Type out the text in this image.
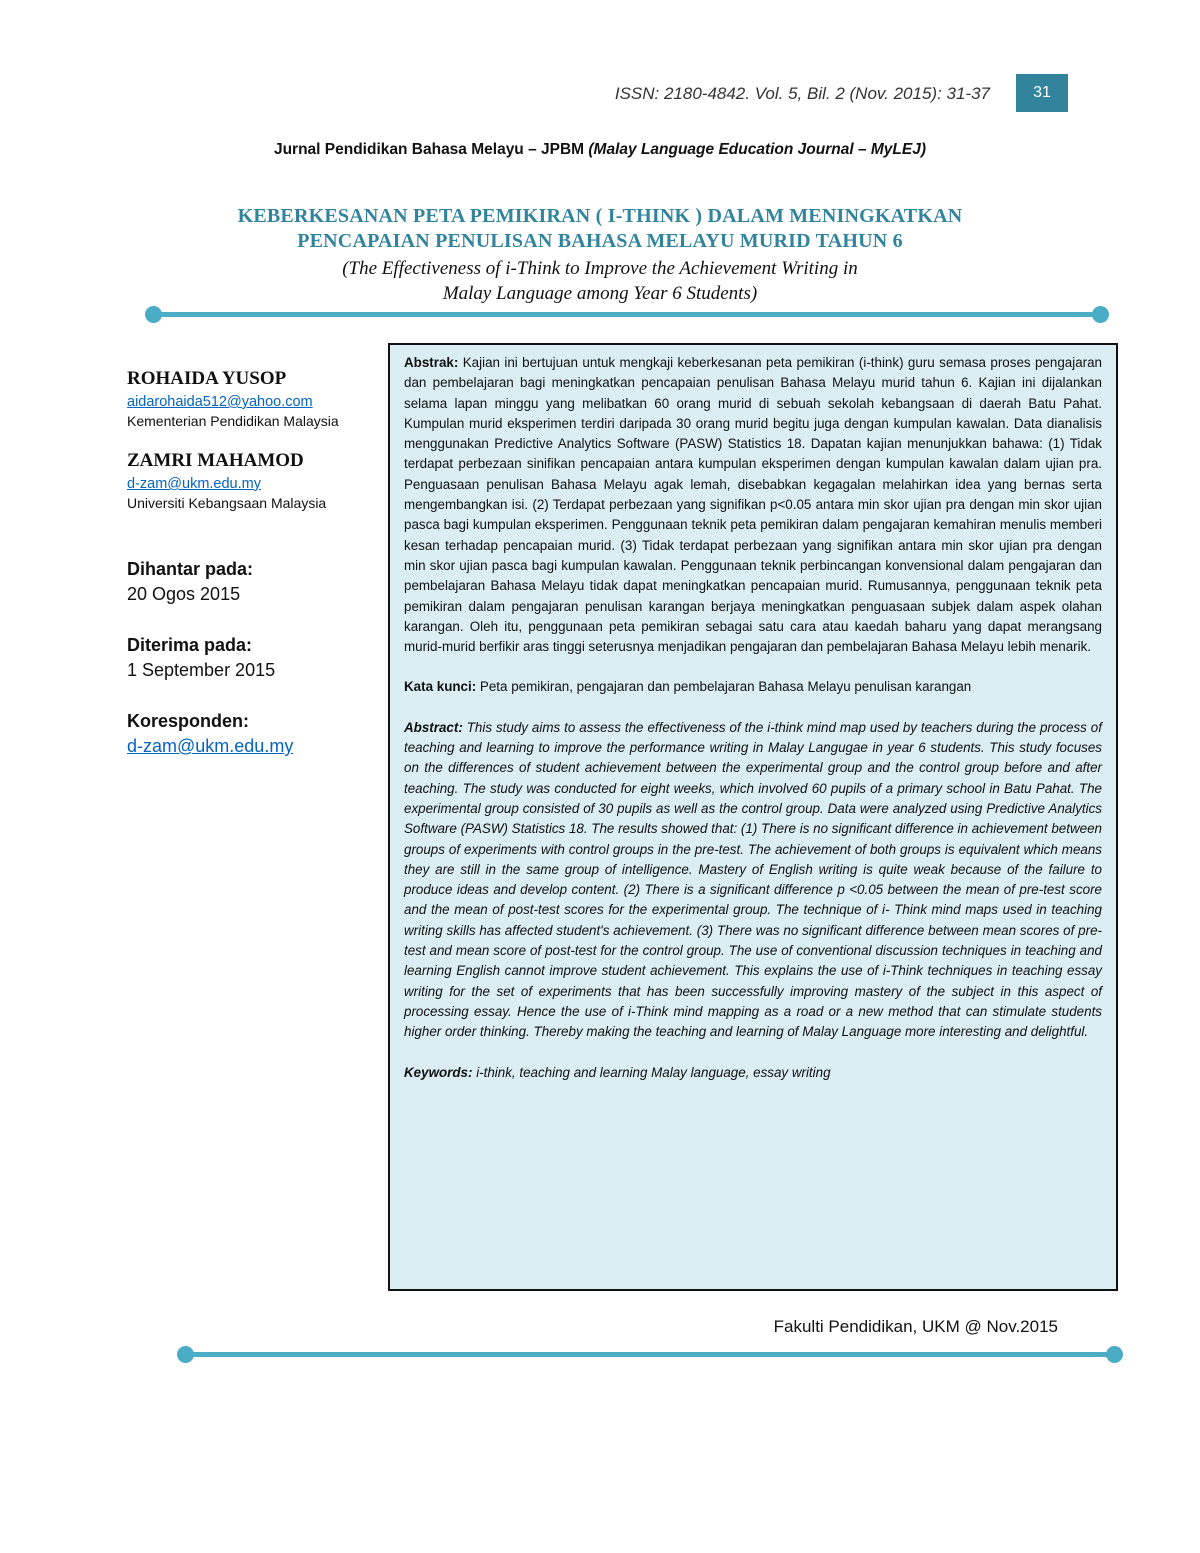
ISSN: 2180-4842. Vol. 5, Bil. 2 (Nov. 2015): 31-37	31
Jurnal Pendidikan Bahasa Melayu – JPBM (Malay Language Education Journal – MyLEJ)
KEBERKESANAN PETA PEMIKIRAN ( I-THINK ) DALAM MENINGKATKAN
PENCAPAIAN PENULISAN BAHASA MELAYU MURID TAHUN 6
(The Effectiveness of i-Think to Improve the Achievement Writing in
Malay Language among Year 6 Students)
ROHAIDA YUSOP
aidarohaida512@yahoo.com
Kementerian Pendidikan Malaysia
ZAMRI MAHAMOD
d-zam@ukm.edu.my
Universiti Kebangsaan Malaysia

Dihantar pada:

20 Ogos 2015

Diterima pada:

1 September 2015

Koresponden:

d-zam@ukm.edu.my

Abstrak: Kajian ini bertujuan untuk mengkaji keberkesanan peta pemikiran (i-think) guru semasa proses pengajaran dan pembelajaran bagi meningkatkan pencapaian penulisan Bahasa Melayu murid tahun 6. Kajian ini dijalankan selama lapan minggu yang melibatkan 60 orang murid di sebuah sekolah kebangsaan di daerah Batu Pahat. Kumpulan murid eksperimen terdiri daripada 30 orang murid begitu juga dengan kumpulan kawalan. Data dianalisis menggunakan Predictive Analytics Software (PASW) Statistics 18. Dapatan kajian menunjukkan bahawa: (1) Tidak terdapat perbezaan sinifikan pencapaian antara kumpulan eksperimen dengan kumpulan kawalan dalam ujian pra. Penguasaan penulisan Bahasa Melayu agak lemah, disebabkan kegagalan melahirkan idea yang bernas serta mengembangkan isi. (2) Terdapat perbezaan yang signifikan p<0.05 antara min skor ujian pra dengan min skor ujian pasca bagi kumpulan eksperimen. Penggunaan teknik peta pemikiran dalam pengajaran kemahiran menulis memberi kesan terhadap pencapaian murid. (3) Tidak terdapat perbezaan yang signifikan antara min skor ujian pra dengan min skor ujian pasca bagi kumpulan kawalan. Penggunaan teknik perbincangan konvensional dalam pengajaran dan pembelajaran Bahasa Melayu tidak dapat meningkatkan pencapaian murid. Rumusannya, penggunaan teknik peta pemikiran dalam pengajaran penulisan karangan berjaya meningkatkan penguasaan subjek dalam aspek olahan karangan. Oleh itu, penggunaan peta pemikiran sebagai satu cara atau kaedah baharu yang dapat merangsang murid-murid berfikir aras tinggi seterusnya menjadikan pengajaran dan pembelajaran Bahasa Melayu lebih menarik.

Kata kunci: Peta pemikiran, pengajaran dan pembelajaran Bahasa Melayu penulisan karangan

Abstract: This study aims to assess the effectiveness of the i-think mind map used by teachers during the process of teaching and learning to improve the performance writing in Malay Langugae in year 6 students. This study focuses on the differences of student achievement between the experimental group and the control group before and after teaching. The study was conducted for eight weeks, which involved 60 pupils of a primary school in Batu Pahat. The experimental group consisted of 30 pupils as well as the control group. Data were analyzed using Predictive Analytics Software (PASW) Statistics 18. The results showed that: (1) There is no significant difference in achievement between groups of experiments with control groups in the pre-test. The achievement of both groups is equivalent which means they are still in the same group of intelligence. Mastery of English writing is quite weak because of the failure to produce ideas and develop content. (2) There is a significant difference p <0.05 between the mean of pre-test score and the mean of post-test scores for the experimental group. The technique of i- Think mind maps used in teaching writing skills has affected student's achievement. (3) There was no significant difference between mean scores of pre-test and mean score of post-test for the control group. The use of conventional discussion techniques in teaching and learning English cannot improve student achievement. This explains the use of i-Think techniques in teaching essay writing for the set of experiments that has been successfully improving mastery of the subject in this aspect of processing essay. Hence the use of i-Think mind mapping as a road or a new method that can stimulate students higher order thinking. Thereby making the teaching and learning of Malay Language more interesting and delightful.

Keywords: i-think, teaching and learning Malay language, essay writing

Fakulti Pendidikan, UKM @ Nov.2015
